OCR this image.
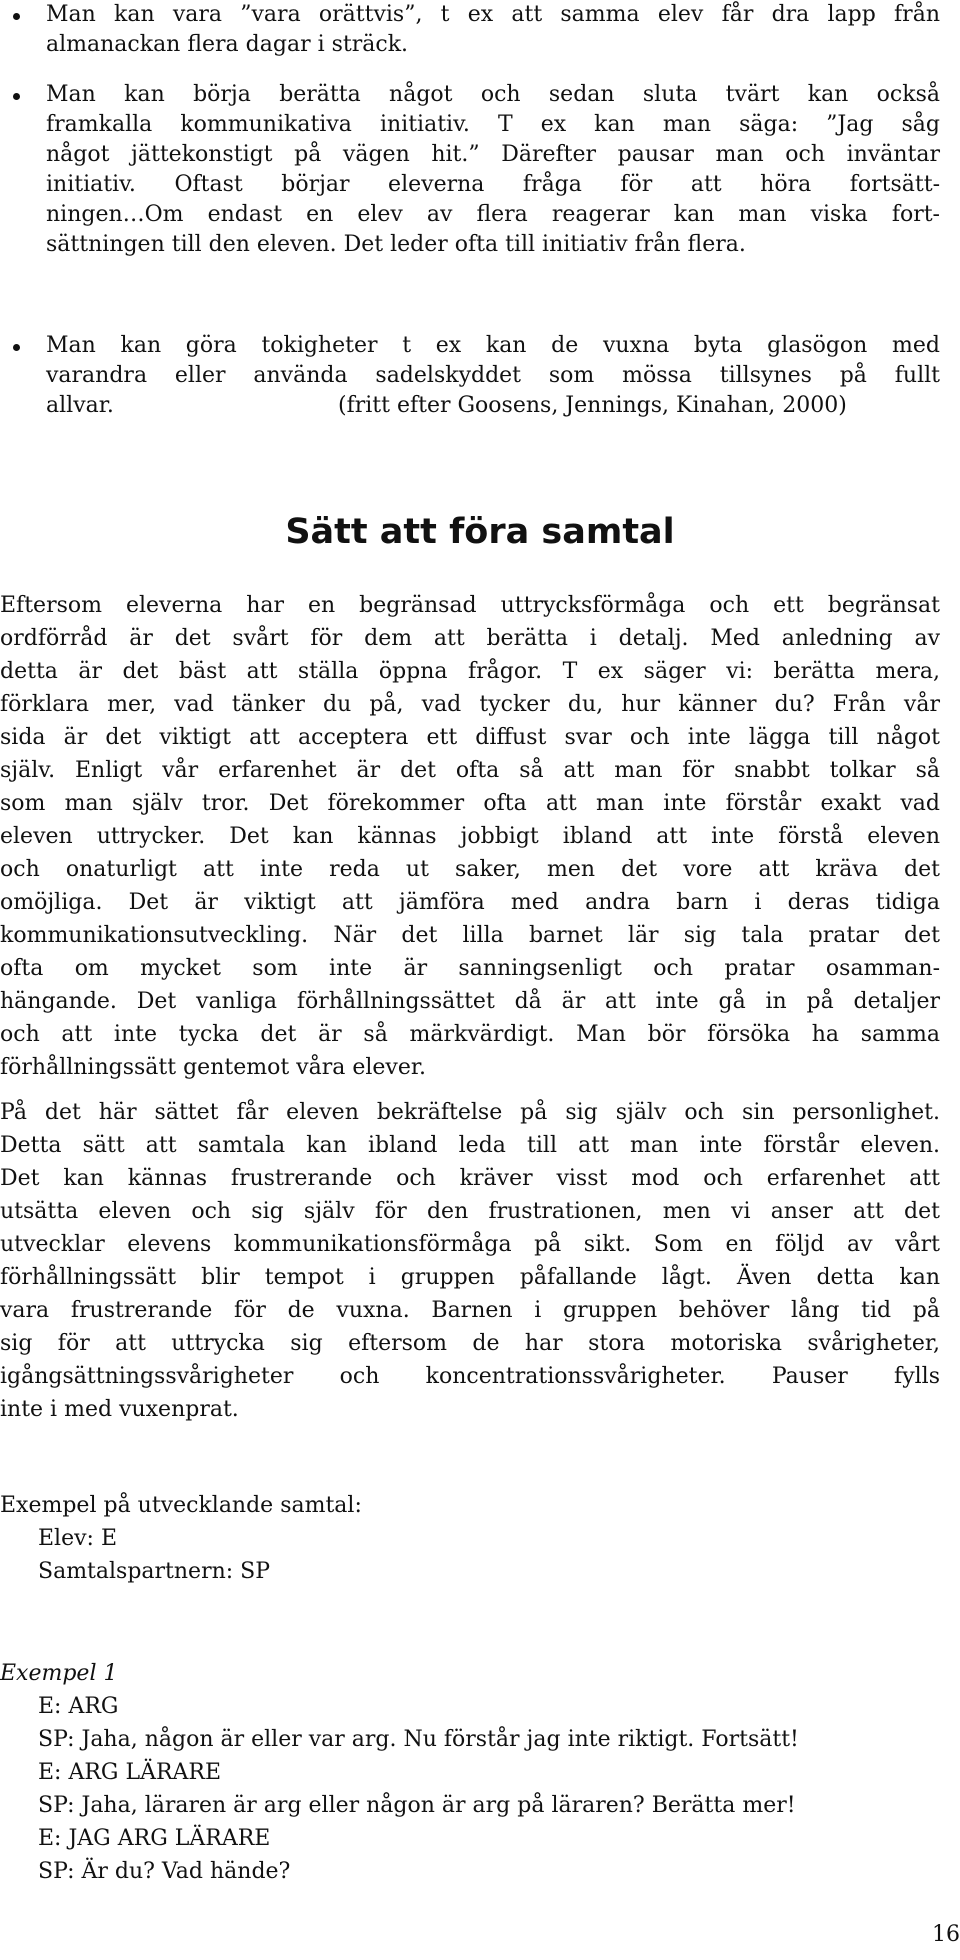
Man kan vara ”vara orättvis”, t ex att samma elev får dra lapp från
almanackan flera dagar i sträck.
Man kan börja berätta något och sedan sluta tvärt kan också
framkalla kommunikativa initiativ. T ex kan man säga: ”Jag såg
något jättekonstigt på vägen hit.” Därefter pausar man och inväntar
initiativ. Oftast börjar eleverna fråga för att höra fortsätt-
ningen…Om endast en elev av flera reagerar kan man viska fort-
sättningen till den eleven. Det leder ofta till initiativ från flera.
Man kan göra tokigheter t ex kan de vuxna byta glasögon med
varandra eller använda sadelskyddet som mössa tillsynes på fullt
allvar.	(fritt efter Goosens, Jennings, Kinahan, 2000)
Sätt att föra samtal
Eftersom eleverna har en begränsad uttrycksförmåga och ett begränsat
ordförråd är det svårt för dem att berätta i detalj. Med anledning av
detta är det bäst att ställa öppna frågor. T ex säger vi: berätta mera,
förklara mer, vad tänker du på, vad tycker du, hur känner du? Från vår
sida är det viktigt att acceptera ett diffust svar och inte lägga till något
själv. Enligt vår erfarenhet är det ofta så att man för snabbt tolkar så
som man själv tror. Det förekommer ofta att man inte förstår exakt vad
eleven uttrycker. Det kan kännas jobbigt ibland att inte förstå eleven
och onaturligt att inte reda ut saker, men det vore att kräva det
omöjliga. Det är viktigt att jämföra med andra barn i deras tidiga
kommunikationsutveckling. När det lilla barnet lär sig tala pratar det
ofta om mycket som inte är sanningsenligt och pratar osamman-
hängande. Det vanliga förhållningssättet då är att inte gå in på detaljer
och att inte tycka det är så märkvärdigt. Man bör försöka ha samma
förhållningssätt gentemot våra elever.
På det här sättet får eleven bekräftelse på sig själv och sin personlighet.
Detta sätt att samtala kan ibland leda till att man inte förstår eleven.
Det kan kännas frustrerande och kräver visst mod och erfarenhet att
utsätta eleven och sig själv för den frustrationen, men vi anser att det
utvecklar elevens kommunikationsförmåga på sikt. Som en följd av vårt
förhållningssätt blir tempot i gruppen påfallande lågt. Även detta kan
vara frustrerande för de vuxna. Barnen i gruppen behöver lång tid på
sig för att uttrycka sig eftersom de har stora motoriska svårigheter,
igångsättningssvårigheter och koncentrationssvårigheter. Pauser fylls
inte i med vuxenprat.
Exempel på utvecklande samtal:
Elev: E
Samtalspartnern: SP
Exempel 1
E: ARG
SP: Jaha, någon är eller var arg. Nu förstår jag inte riktigt. Fortsätt!
E: ARG LÄRARE
SP: Jaha, läraren är arg eller någon är arg på läraren? Berätta mer!
E: JAG ARG LÄRARE
SP: Är du? Vad hände?
16
